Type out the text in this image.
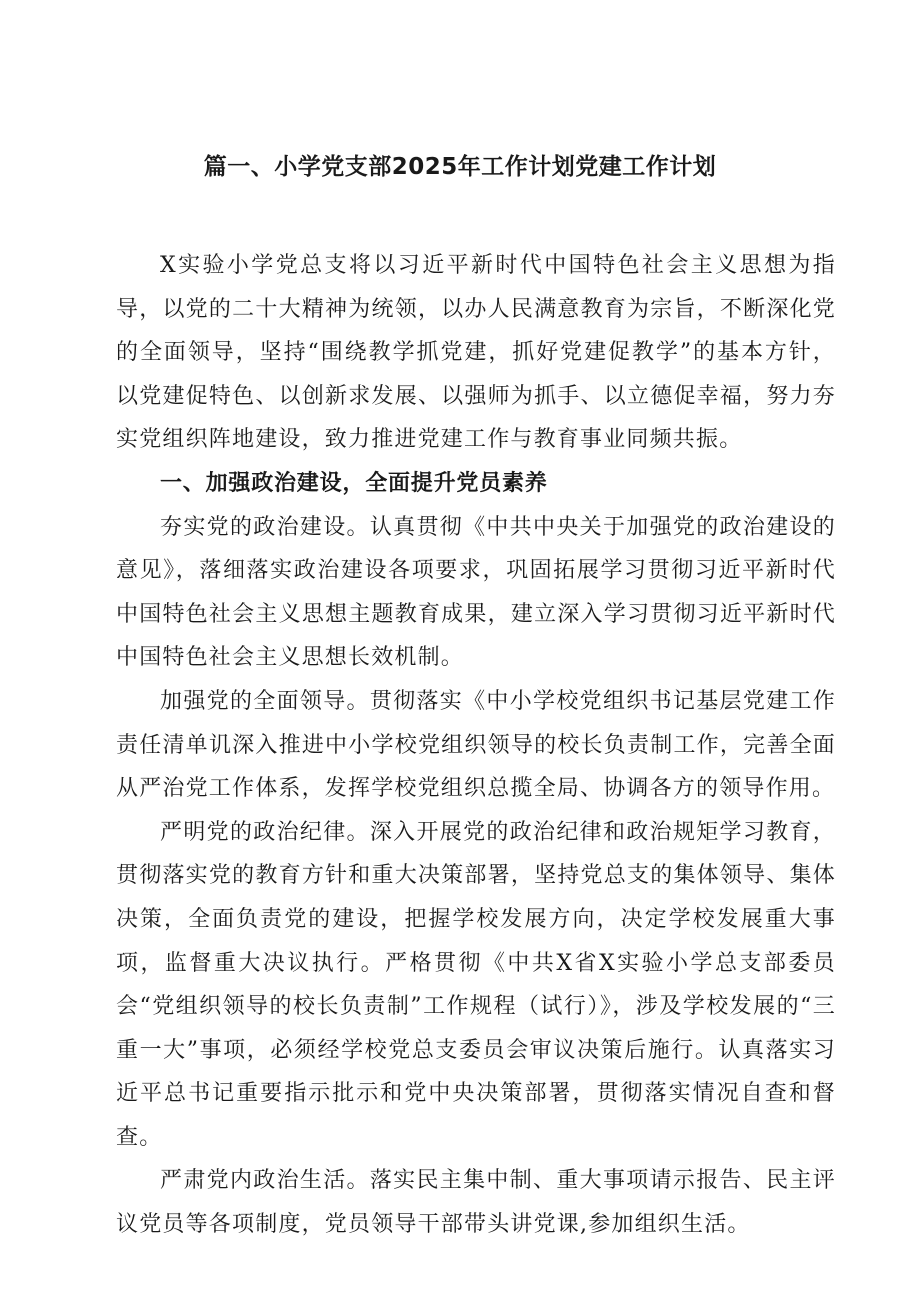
篇一、小学党支部2025年工作计划党建工作计划

X实验小学党总支将以习近平新时代中国特色社会主义思想为指导，以党的二十大精神为统领，以办人民满意教育为宗旨，不断深化党的全面领导，坚持“围绕教学抓党建，抓好党建促教学”的基本方针，以党建促特色、以创新求发展、以强师为抓手、以立德促幸福，努力夯实党组织阵地建设，致力推进党建工作与教育事业同频共振。

一、加强政治建设，全面提升党员素养

夯实党的政治建设。认真贯彻《中共中央关于加强党的政治建设的意见》，落细落实政治建设各项要求，巩固拓展学习贯彻习近平新时代中国特色社会主义思想主题教育成果，建立深入学习贯彻习近平新时代中国特色社会主义思想长效机制。

加强党的全面领导。贯彻落实《中小学校党组织书记基层党建工作责任清单讥深入推进中小学校党组织领导的校长负责制工作，完善全面从严治党工作体系，发挥学校党组织总揽全局、协调各方的领导作用。

严明党的政治纪律。深入开展党的政治纪律和政治规矩学习教育，贯彻落实党的教育方针和重大决策部署，坚持党总支的集体领导、集体决策，全面负责党的建设，把握学校发展方向，决定学校发展重大事项，监督重大决议执行。严格贯彻《中共X省X实验小学总支部委员会“党组织领导的校长负责制”工作规程（试行）》，涉及学校发展的“三重一大”事项，必须经学校党总支委员会审议决策后施行。认真落实习近平总书记重要指示批示和党中央决策部署，贯彻落实情况自查和督查。

严肃党内政治生活。落实民主集中制、重大事项请示报告、民主评议党员等各项制度，党员领导干部带头讲党课,参加组织生活。
